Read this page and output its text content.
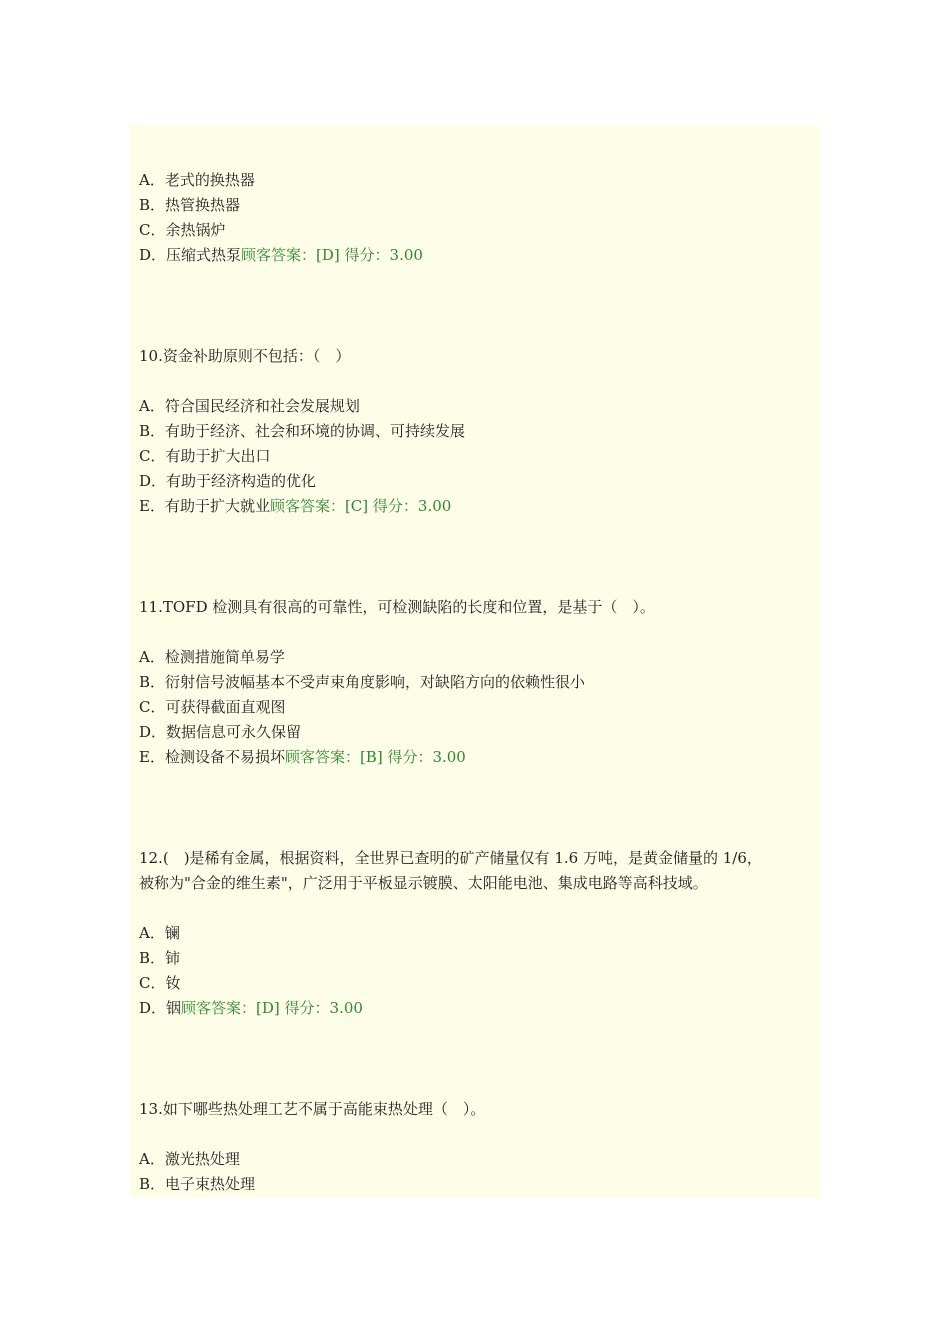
A．老式的换热器
B．热管换热器
C．余热锅炉
D．压缩式热泵顾客答案：[D] 得分：3.00
10.资金补助原则不包括：（　）
A．符合国民经济和社会发展规划
B．有助于经济、社会和环境的协调、可持续发展
C．有助于扩大出口
D．有助于经济构造的优化
E．有助于扩大就业顾客答案：[C] 得分：3.00
11.TOFD 检测具有很高的可靠性，可检测缺陷的长度和位置，是基于（　）。
A．检测措施简单易学
B．衍射信号波幅基本不受声束角度影响，对缺陷方向的依赖性很小
C．可获得截面直观图
D．数据信息可永久保留
E．检测设备不易损坏顾客答案：[B] 得分：3.00
12.(　)是稀有金属，根据资料，全世界已查明的矿产储量仅有 1.6 万吨，是黄金储量的 1/6，
被称为"合金的维生素"，广泛用于平板显示镀膜、太阳能电池、集成电路等高科技域。
A．镧
B．铈
C．钕
D．铟顾客答案：[D] 得分：3.00
13.如下哪些热处理工艺不属于高能束热处理（　）。
A．激光热处理
B．电子束热处理
